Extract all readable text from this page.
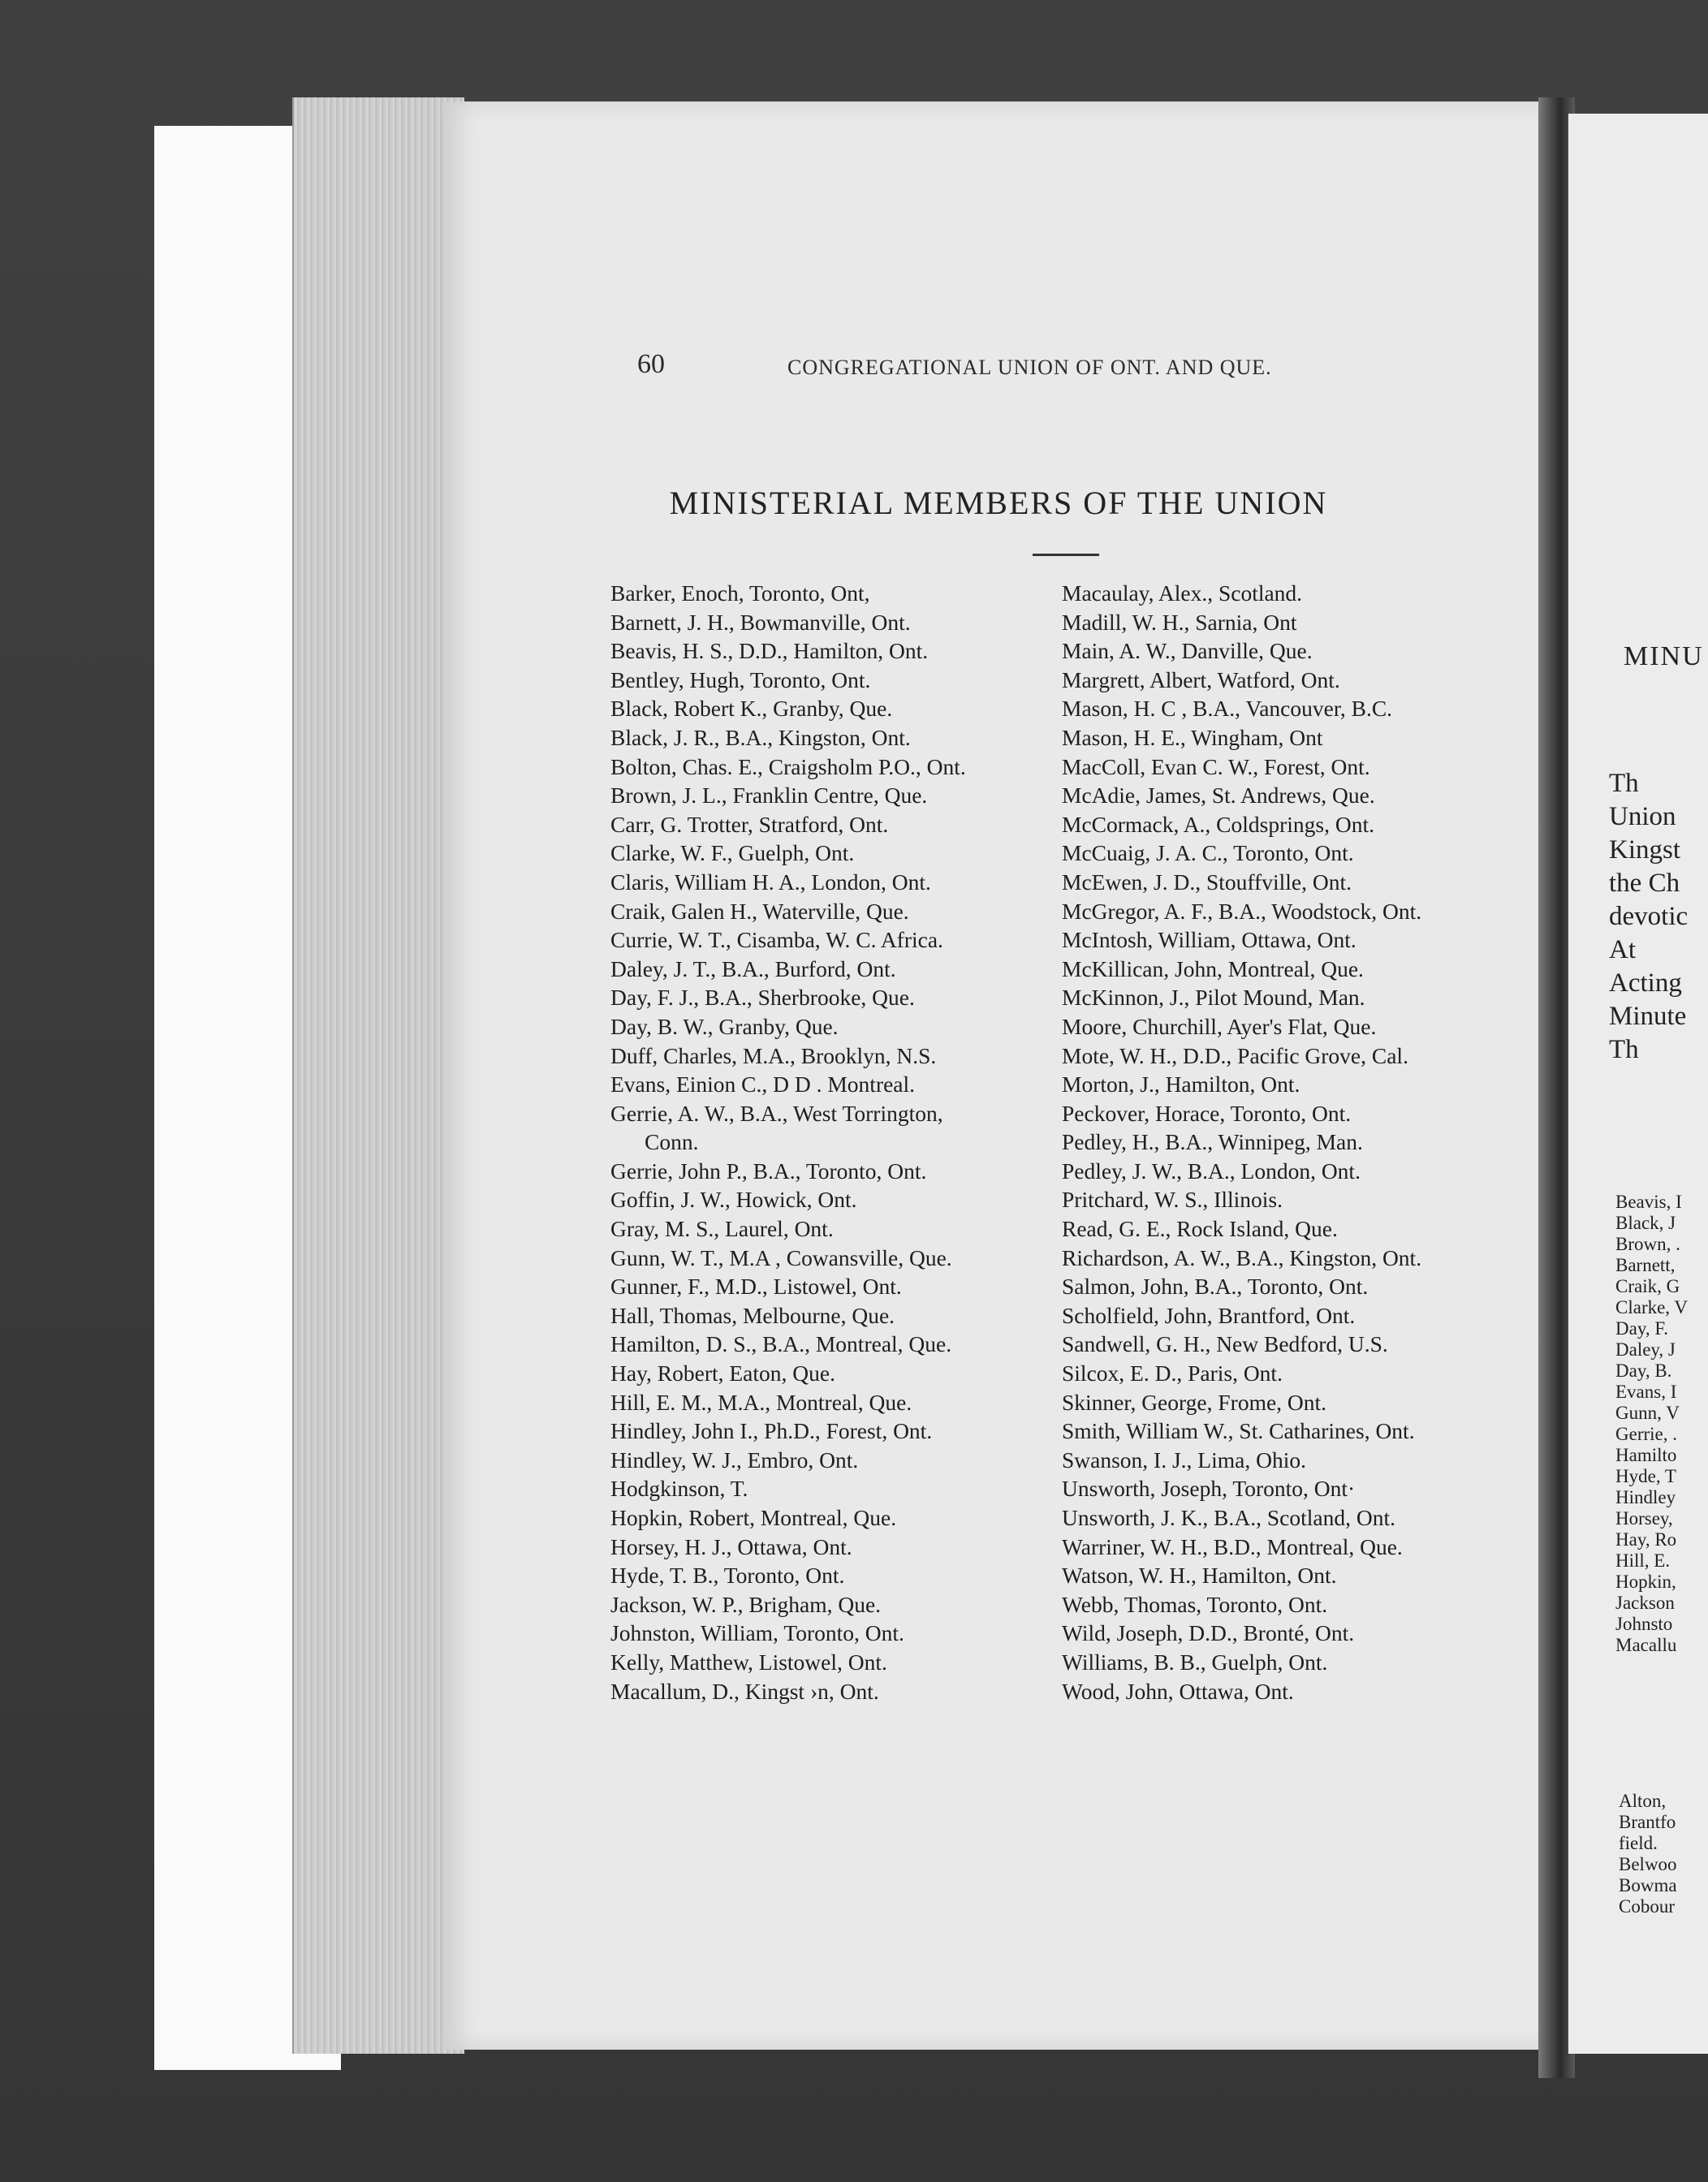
60	CONGREGATIONAL UNION OF ONT. AND QUE.
MINISTERIAL MEMBERS OF THE UNION
Barker, Enoch, Toronto, Ont,
Barnett, J. H., Bowmanville, Ont.
Beavis, H. S., D.D., Hamilton, Ont.
Bentley, Hugh, Toronto, Ont.
Black, Robert K., Granby, Que.
Black, J. R., B.A., Kingston, Ont.
Bolton, Chas. E., Craigsholm P.O., Ont.
Brown, J. L., Franklin Centre, Que.
Carr, G. Trotter, Stratford, Ont.
Clarke, W. F., Guelph, Ont.
Claris, William H. A., London, Ont.
Craik, Galen H., Waterville, Que.
Currie, W. T., Cisamba, W. C. Africa.
Daley, J. T., B.A., Burford, Ont.
Day, F. J., B.A., Sherbrooke, Que.
Day, B. W., Granby, Que.
Duff, Charles, M.A., Brooklyn, N.S.
Evans, Einion C., D D . Montreal.
Gerrie, A. W., B.A., West Torrington,
Conn.
Gerrie, John P., B.A., Toronto, Ont.
Goffin, J. W., Howick, Ont.
Gray, M. S., Laurel, Ont.
Gunn, W. T., M.A , Cowansville, Que.
Gunner, F., M.D., Listowel, Ont.
Hall, Thomas, Melbourne, Que.
Hamilton, D. S., B.A., Montreal, Que.
Hay, Robert, Eaton, Que.
Hill, E. M., M.A., Montreal, Que.
Hindley, John I., Ph.D., Forest, Ont.
Hindley, W. J., Embro, Ont.
Hodgkinson, T.
Hopkin, Robert, Montreal, Que.
Horsey, H. J., Ottawa, Ont.
Hyde, T. B., Toronto, Ont.
Jackson, W. P., Brigham, Que.
Johnston, William, Toronto, Ont.
Kelly, Matthew, Listowel, Ont.
Macallum, D., Kingst ›n, Ont.
Macaulay, Alex., Scotland.
Madill, W. H., Sarnia, Ont
Main, A. W., Danville, Que.
Margrett, Albert, Watford, Ont.
Mason, H. C , B.A., Vancouver, B.C.
Mason, H. E., Wingham, Ont
MacColl, Evan C. W., Forest, Ont.
McAdie, James, St. Andrews, Que.
McCormack, A., Coldsprings, Ont.
McCuaig, J. A. C., Toronto, Ont.
McEwen, J. D., Stouffville, Ont.
McGregor, A. F., B.A., Woodstock, Ont.
McIntosh, William, Ottawa, Ont.
McKillican, John, Montreal, Que.
McKinnon, J., Pilot Mound, Man.
Moore, Churchill, Ayer's Flat, Que.
Mote, W. H., D.D., Pacific Grove, Cal.
Morton, J., Hamilton, Ont.
Peckover, Horace, Toronto, Ont.
Pedley, H., B.A., Winnipeg, Man.
Pedley, J. W., B.A., London, Ont.
Pritchard, W. S., Illinois.
Read, G. E., Rock Island, Que.
Richardson, A. W., B.A., Kingston, Ont.
Salmon, John, B.A., Toronto, Ont.
Scholfield, John, Brantford, Ont.
Sandwell, G. H., New Bedford, U.S.
Silcox, E. D., Paris, Ont.
Skinner, George, Frome, Ont.
Smith, William W., St. Catharines, Ont.
Swanson, I. J., Lima, Ohio.
Unsworth, Joseph, Toronto, Ont·
Unsworth, J. K., B.A., Scotland, Ont.
Warriner, W. H., B.D., Montreal, Que.
Watson, W. H., Hamilton, Ont.
Webb, Thomas, Toronto, Ont.
Wild, Joseph, D.D., Bronté, Ont.
Williams, B. B., Guelph, Ont.
Wood, John, Ottawa, Ont.
MINU
Th
Union
Kingst
the Ch
devotic
At
Acting
Minute
Th
Beavis, I
Black, J
Brown, .
Barnett,
Craik, G
Clarke, V
Day, F.
Daley, J
Day, B.
Evans, I
Gunn, V
Gerrie, .
Hamilto
Hyde, T
Hindley
Horsey,
Hay, Ro
Hill, E.
Hopkin,
Jackson
Johnsto
Macallu
Alton,
Brantfo
field.
Belwoo
Bowma
Cobour
